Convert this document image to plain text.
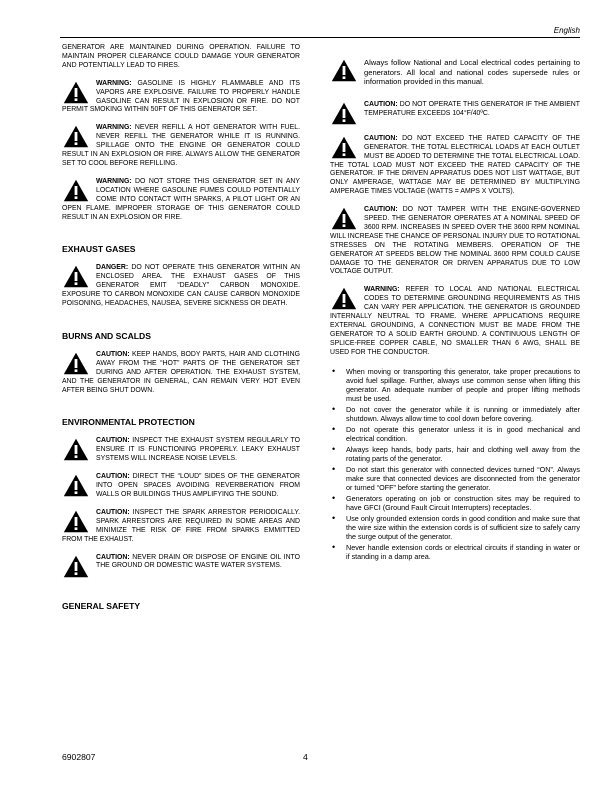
English

GENERATOR ARE MAINTAINED DURING OPERATION. FAILURE TO MAINTAIN PROPER CLEARANCE COULD DAMAGE YOUR GENERATOR AND POTENTIALLY LEAD TO FIRES.

WARNING: GASOLINE IS HIGHLY FLAMMABLE AND ITS VAPORS ARE EXPLOSIVE. FAILURE TO PROPERLY HANDLE GASOLINE CAN RESULT IN EXPLOSION OR FIRE. DO NOT PERMIT SMOKING WITHIN 50FT OF THIS GENERATOR SET.
WARNING: NEVER REFILL A HOT GENERATOR WITH FUEL. NEVER REFILL THE GENERATOR WHILE IT IS RUNNING. SPILLAGE ONTO THE ENGINE OR GENERATOR COULD RESULT IN AN EXPLOSION OR FIRE. ALWAYS ALLOW THE GENERATOR SET TO COOL BEFORE REFILLING.
WARNING: DO NOT STORE THIS GENERATOR SET IN ANY LOCATION WHERE GASOLINE FUMES COULD POTENTIALLY COME INTO CONTACT WITH SPARKS, A PILOT LIGHT OR AN OPEN FLAME. IMPROPER STORAGE OF THIS GENERATOR COULD RESULT IN AN EXPLOSION OR FIRE.
EXHAUST GASES
DANGER: DO NOT OPERATE THIS GENERATOR WITHIN AN ENCLOSED AREA. THE EXHAUST GASES OF THIS GENERATOR EMIT “DEADLY” CARBON MONOXIDE. EXPOSURE TO CARBON MONOXIDE CAN CAUSE CARBON MONOXIDE POISONING, HEADACHES, NAUSEA, SEVERE SICKNESS OR DEATH.
BURNS AND SCALDS
CAUTION: KEEP HANDS, BODY PARTS, HAIR AND CLOTHING AWAY FROM THE “HOT” PARTS OF THE GENERATOR SET DURING AND AFTER OPERATION. THE EXHAUST SYSTEM, AND THE GENERATOR IN GENERAL, CAN REMAIN VERY HOT EVEN AFTER BEING SHUT DOWN.
ENVIRONMENTAL PROTECTION
CAUTION: INSPECT THE EXHAUST SYSTEM REGULARLY TO ENSURE IT IS FUNCTIONING PROPERLY. LEAKY EXHAUST SYSTEMS WILL INCREASE NOISE LEVELS.
CAUTION: DIRECT THE “LOUD” SIDES OF THE GENERATOR INTO OPEN SPACES AVOIDING REVERBERATION FROM WALLS OR BUILDINGS THUS AMPLIFYING THE SOUND.
CAUTION: INSPECT THE SPARK ARRESTOR PERIODICALLY. SPARK ARRESTORS ARE REQUIRED IN SOME AREAS AND MINIMIZE THE RISK OF FIRE FROM SPARKS EMMITTED FROM THE EXHAUST.
CAUTION: NEVER DRAIN OR DISPOSE OF ENGINE OIL INTO THE GROUND OR DOMESTIC WASTE WATER SYSTEMS.
GENERAL SAFETY
Always follow National and Local electrical codes pertaining to generators. All local and national codes supersede rules or information provided in this manual.
CAUTION: DO NOT OPERATE THIS GENERATOR IF THE AMBIENT TEMPERATURE EXCEEDS 104°F/40ºC.
CAUTION: DO NOT EXCEED THE RATED CAPACITY OF THE GENERATOR. THE TOTAL ELECTRICAL LOADS AT EACH OUTLET MUST BE ADDED TO DETERMINE THE TOTAL ELECTRICAL LOAD. THE TOTAL LOAD MUST NOT EXCEED THE RATED CAPACITY OF THE GENERATOR. IF THE DRIVEN APPARATUS DOES NOT LIST WATTAGE, BUT ONLY AMPERAGE, WATTAGE MAY BE DETERMINED BY MULTIPLYING AMPERAGE TIMES VOLTAGE (WATTS = AMPS X VOLTS).
CAUTION: DO NOT TAMPER WITH THE ENGINE-GOVERNED SPEED. THE GENERATOR OPERATES AT A NOMINAL SPEED OF 3600 RPM. INCREASES IN SPEED OVER THE 3600 RPM NOMINAL WILL INCREASE THE CHANCE OF PERSONAL INJURY DUE TO ROTATIONAL STRESSES ON THE ROTATING MEMBERS. OPERATION OF THE GENERATOR AT SPEEDS BELOW THE NOMINAL 3600 RPM COULD CAUSE DAMAGE TO THE GENERATOR OR DRIVEN APPARATUS DUE TO LOW VOLTAGE OUTPUT.
WARNING: REFER TO LOCAL AND NATIONAL ELECTRICAL CODES TO DETERMINE GROUNDING REQUIREMENTS AS THIS CAN VARY PER APPLICATION. THE GENERATOR IS GROUNDED INTERNALLY NEUTRAL TO FRAME. WHERE APPLICATIONS REQUIRE EXTERNAL GROUNDING, A CONNECTION MUST BE MADE FROM THE GENERATOR TO A SOLID EARTH GROUND. A CONTINUOUS LENGTH OF SPLICE-FREE COPPER CABLE, NO SMALLER THAN 6 AWG, SHALL BE USED FOR THE CONDUCTOR.
• When moving or transporting this generator, take proper precautions to avoid fuel spillage. Further, always use common sense when lifting this generator. An adequate number of people and proper lifting methods must be used.
• Do not cover the generator while it is running or immediately after shutdown. Always allow time to cool down before covering.
• Do not operate this generator unless it is in good mechanical and electrical condition.
• Always keep hands, body parts, hair and clothing well away from the rotating parts of the generator.
• Do not start this generator with connected devices turned “ON”. Always make sure that connected devices are disconnected from the generator or turned “OFF” before starting the generator.
• Generators operating on job or construction sites may be required to have GFCI (Ground Fault Circuit Interrupters) receptacles.
• Use only grounded extension cords in good condition and make sure that the wire size within the extension cords is of sufficient size to safely carry the surge output of the generator.
• Never handle extension cords or electrical circuits if standing in water or if standing in a damp area.
6902807	4
